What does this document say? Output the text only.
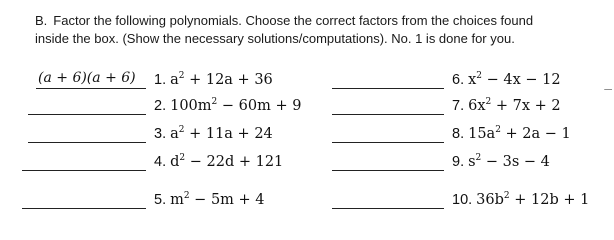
B. Factor the following polynomials. Choose the correct factors from the choices found
inside the box. (Show the necessary solutions/computations). No. 1 is done for you.
(a + 6)(a + 6) 1. $a^2 + 12a + 36$
2. $100m^2 - 60m + 9$
3. $a^2 + 11a + 24$
4. $d^2 - 22d + 121$
5. $m^2 - 5m + 4$
6. $x^2 - 4x - 12$
7. $6x^2 + 7x + 2$
8. $15a^2 + 2a - 1$
9. $s^2 - 3s - 4$
10. $36b^2 + 12b + 1$
–
